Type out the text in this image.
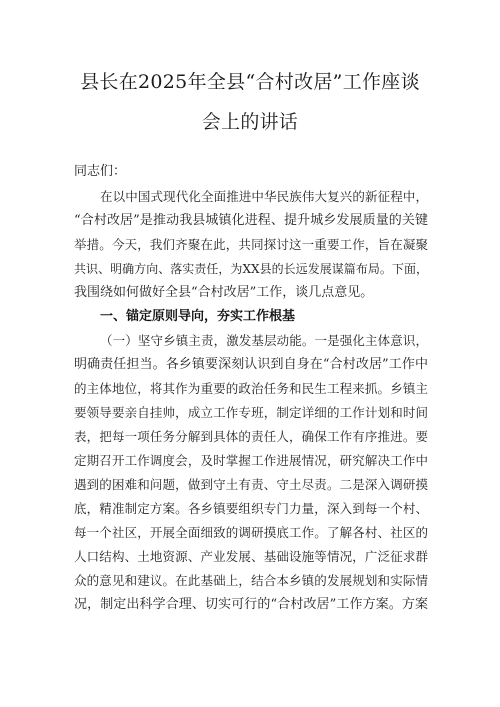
县长在2025年全县“合村改居”工作座谈
会上的讲话
同志们：
在以中国式现代化全面推进中华民族伟大复兴的新征程中，
“合村改居”是推动我县城镇化进程、提升城乡发展质量的关键
举措。今天，我们齐聚在此，共同探讨这一重要工作，旨在凝聚
共识、明确方向、落实责任，为XX县的长远发展谋篇布局。下面，
我围绕如何做好全县“合村改居”工作，谈几点意见。
一、锚定原则导向，夯实工作根基
（一）坚守乡镇主责，激发基层动能。一是强化主体意识，
明确责任担当。各乡镇要深刻认识到自身在“合村改居”工作中
的主体地位，将其作为重要的政治任务和民生工程来抓。乡镇主
要领导要亲自挂帅，成立工作专班，制定详细的工作计划和时间
表，把每一项任务分解到具体的责任人，确保工作有序推进。要
定期召开工作调度会，及时掌握工作进展情况，研究解决工作中
遇到的困难和问题，做到守土有责、守土尽责。二是深入调研摸
底，精准制定方案。各乡镇要组织专门力量，深入到每一个村、
每一个社区，开展全面细致的调研摸底工作。了解各村、社区的
人口结构、土地资源、产业发展、基础设施等情况，广泛征求群
众的意见和建议。在此基础上，结合本乡镇的发展规划和实际情
况，制定出科学合理、切实可行的“合村改居”工作方案。方案
